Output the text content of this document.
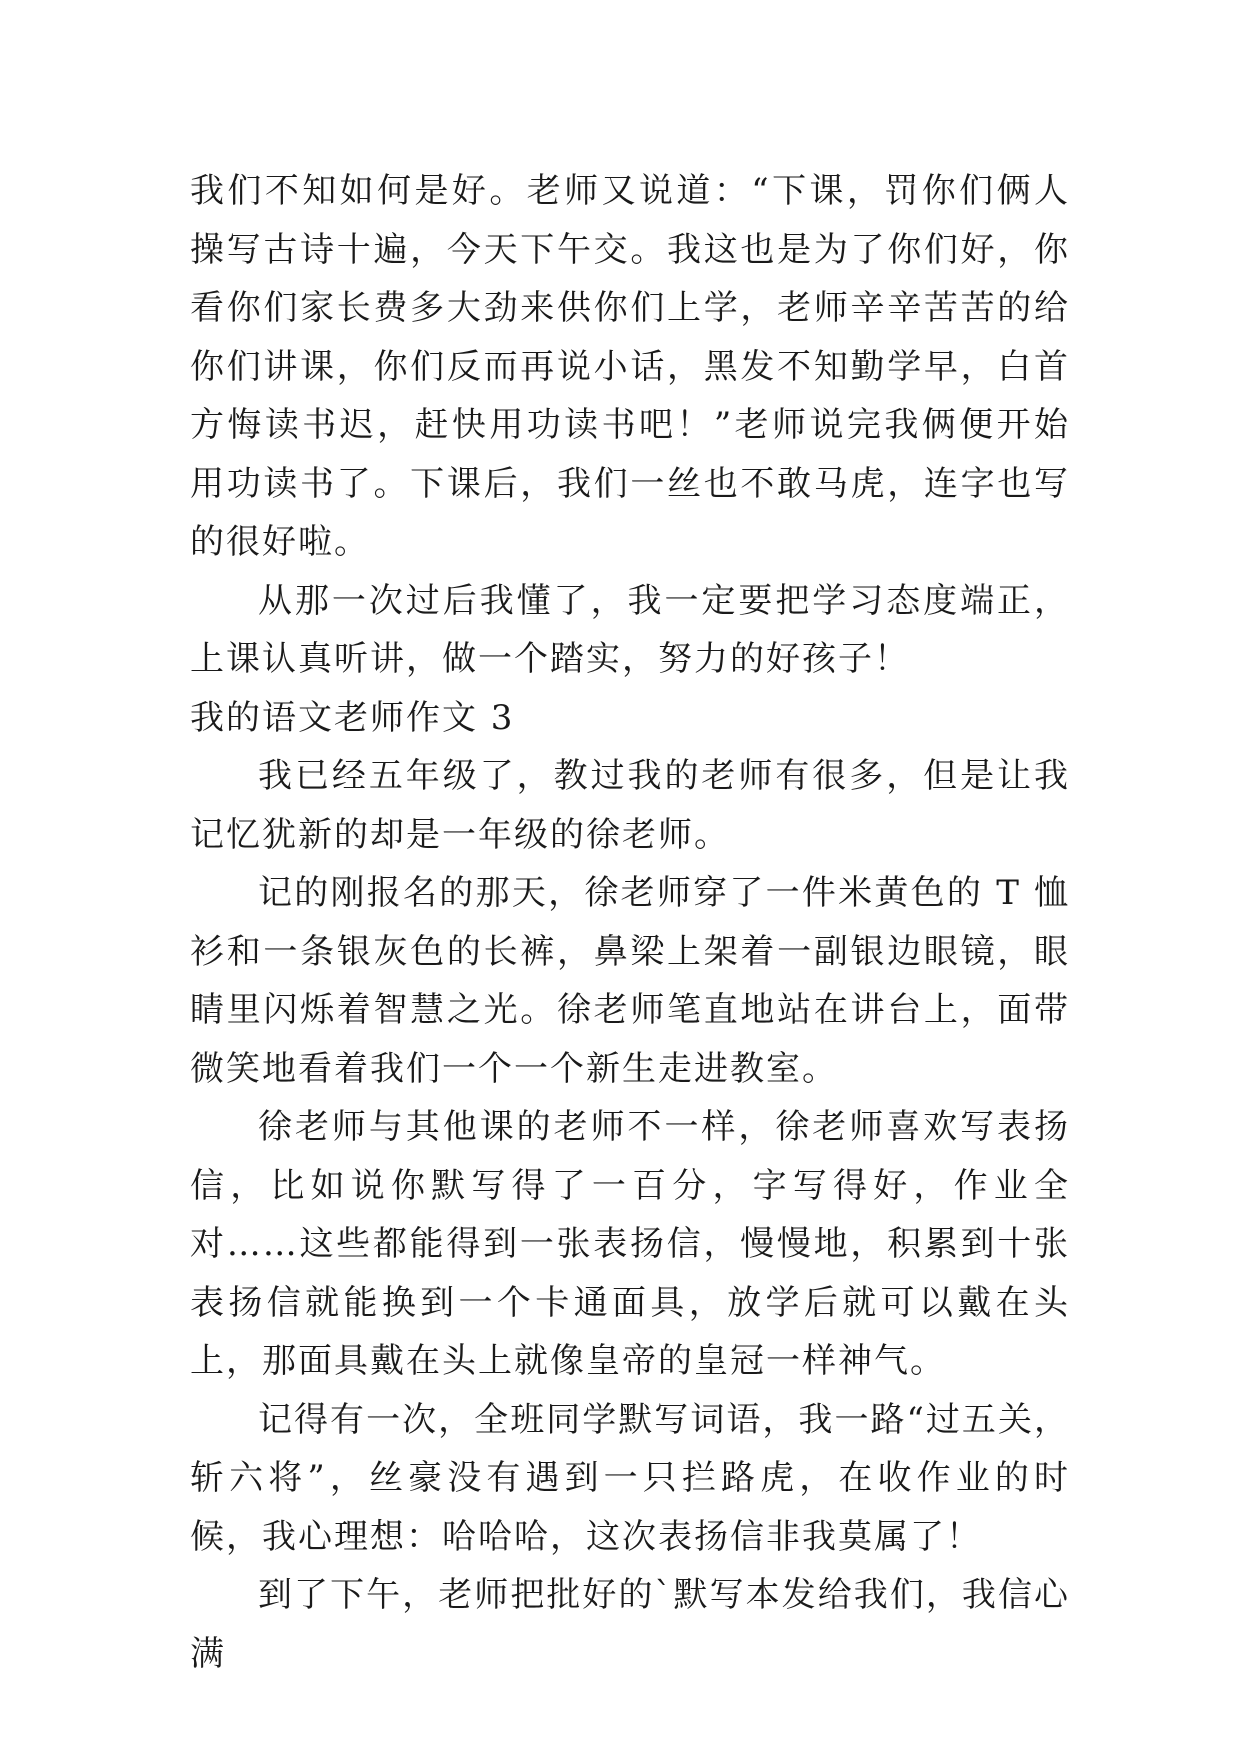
我们不知如何是好。老师又说道：“下课，罚你们俩人操写古诗十遍，今天下午交。我这也是为了你们好，你看你们家长费多大劲来供你们上学，老师辛辛苦苦的给你们讲课，你们反而再说小话，黑发不知勤学早，白首方悔读书迟，赶快用功读书吧！”老师说完我俩便开始用功读书了。下课后，我们一丝也不敢马虎，连字也写的很好啦。

从那一次过后我懂了，我一定要把学习态度端正，上课认真听讲，做一个踏实，努力的好孩子！

我的语文老师作文 3

我已经五年级了，教过我的老师有很多，但是让我记忆犹新的却是一年级的徐老师。

记的刚报名的那天，徐老师穿了一件米黄色的 T 恤衫和一条银灰色的长裤，鼻梁上架着一副银边眼镜，眼睛里闪烁着智慧之光。徐老师笔直地站在讲台上，面带微笑地看着我们一个一个新生走进教室。

徐老师与其他课的老师不一样，徐老师喜欢写表扬信，比如说你默写得了一百分，字写得好，作业全对……这些都能得到一张表扬信，慢慢地，积累到十张表扬信就能换到一个卡通面具，放学后就可以戴在头上，那面具戴在头上就像皇帝的皇冠一样神气。

记得有一次，全班同学默写词语，我一路“过五关，斩六将”，丝豪没有遇到一只拦路虎，在收作业的时候，我心理想：哈哈哈，这次表扬信非我莫属了！

到了下午，老师把批好的`默写本发给我们，我信心满
